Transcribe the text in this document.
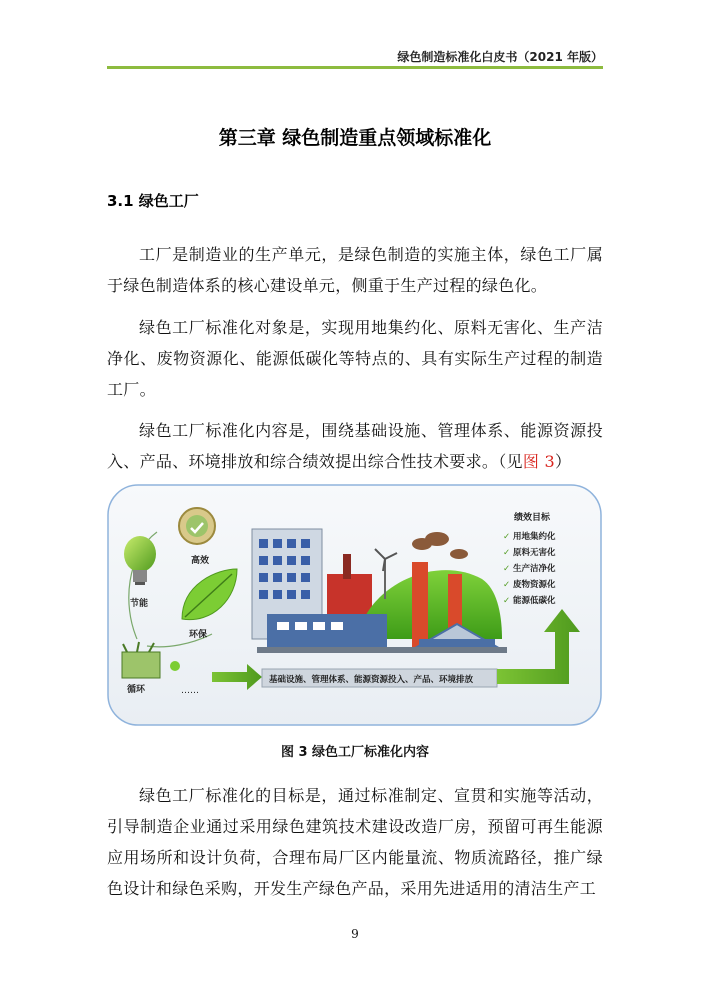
绿色制造标准化白皮书（2021 年版）
第三章 绿色制造重点领域标准化
3.1 绿色工厂

工厂是制造业的生产单元，是绿色制造的实施主体，绿色工厂属于绿色制造体系的核心建设单元，侧重于生产过程的绿色化。

绿色工厂标准化对象是，实现用地集约化、原料无害化、生产洁净化、废物资源化、能源低碳化等特点的、具有实际生产过程的制造工厂。

绿色工厂标准化内容是，围绕基础设施、管理体系、能源资源投入、产品、环境排放和综合绩效提出综合性技术要求。（见图 3）

高效
节能
环保
循环	……
基础设施、管理体系、能源资源投入、产品、环境排放
绩效目标
✓ 用地集约化
✓ 原料无害化
✓ 生产洁净化
✓ 废物资源化
✓ 能源低碳化
图 3 绿色工厂标准化内容

绿色工厂标准化的目标是，通过标准制定、宣贯和实施等活动，引导制造企业通过采用绿色建筑技术建设改造厂房，预留可再生能源应用场所和设计负荷，合理布局厂区内能量流、物质流路径，推广绿色设计和绿色采购，开发生产绿色产品，采用先进适用的清洁生产工

9
